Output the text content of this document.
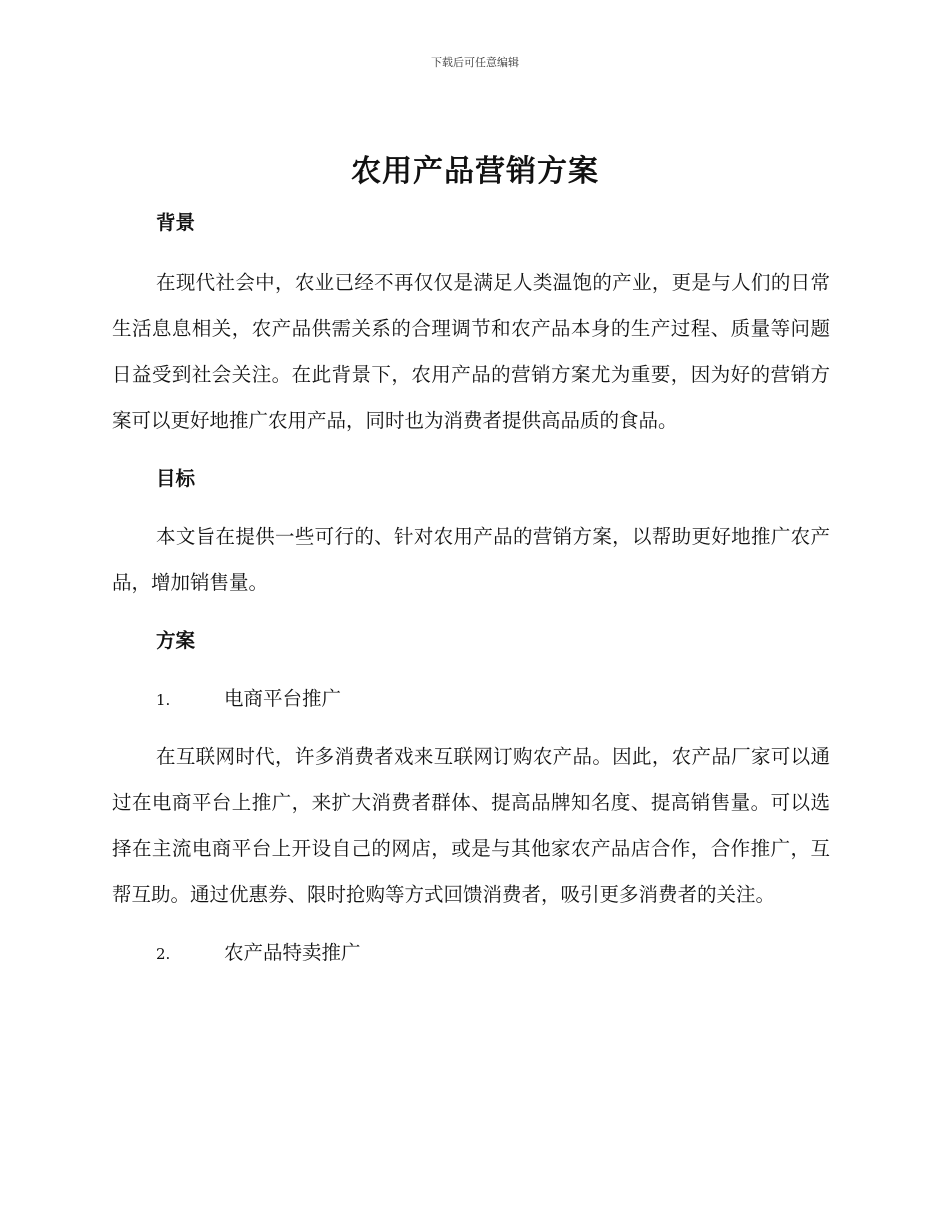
下载后可任意编辑
农用产品营销方案
背景

在现代社会中，农业已经不再仅仅是满足人类温饱的产业，更是与人们的日常生活息息相关，农产品供需关系的合理调节和农产品本身的生产过程、质量等问题日益受到社会关注。在此背景下，农用产品的营销方案尤为重要，因为好的营销方案可以更好地推广农用产品，同时也为消费者提供高品质的食品。

目标

本文旨在提供一些可行的、针对农用产品的营销方案，以帮助更好地推广农产品，增加销售量。

方案
1.	电商平台推广

在互联网时代，许多消费者戏来互联网订购农产品。因此，农产品厂家可以通过在电商平台上推广，来扩大消费者群体、提高品牌知名度、提高销售量。可以选择在主流电商平台上开设自己的网店，或是与其他家农产品店合作，合作推广，互帮互助。通过优惠券、限时抢购等方式回馈消费者，吸引更多消费者的关注。

2.	农产品特卖推广
